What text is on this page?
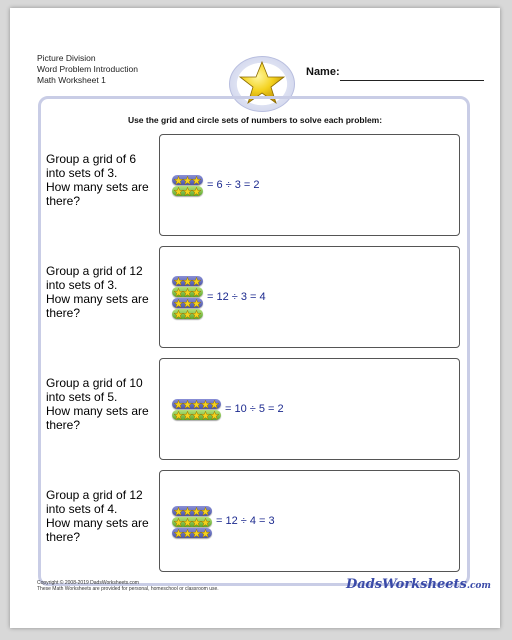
Picture Division
Word Problem Introduction
Math Worksheet 1
Name:
Use the grid and circle sets of numbers to solve each problem:
Group a grid of 6
into sets of 3.
How many sets are
there?
= 6 ÷ 3 = 2
Group a grid of 12
into sets of 3.
How many sets are
there?
= 12 ÷ 3 = 4
Group a grid of 10
into sets of 5.
How many sets are
there?
= 10 ÷ 5 = 2
Group a grid of 12
into sets of 4.
How many sets are
there?
= 12 ÷ 4 = 3
Copyright © 2008-2019 DadsWorksheets.com
These Math Worksheets are provided for personal, homeschool or classroom use.	DadsWorksheets.com
